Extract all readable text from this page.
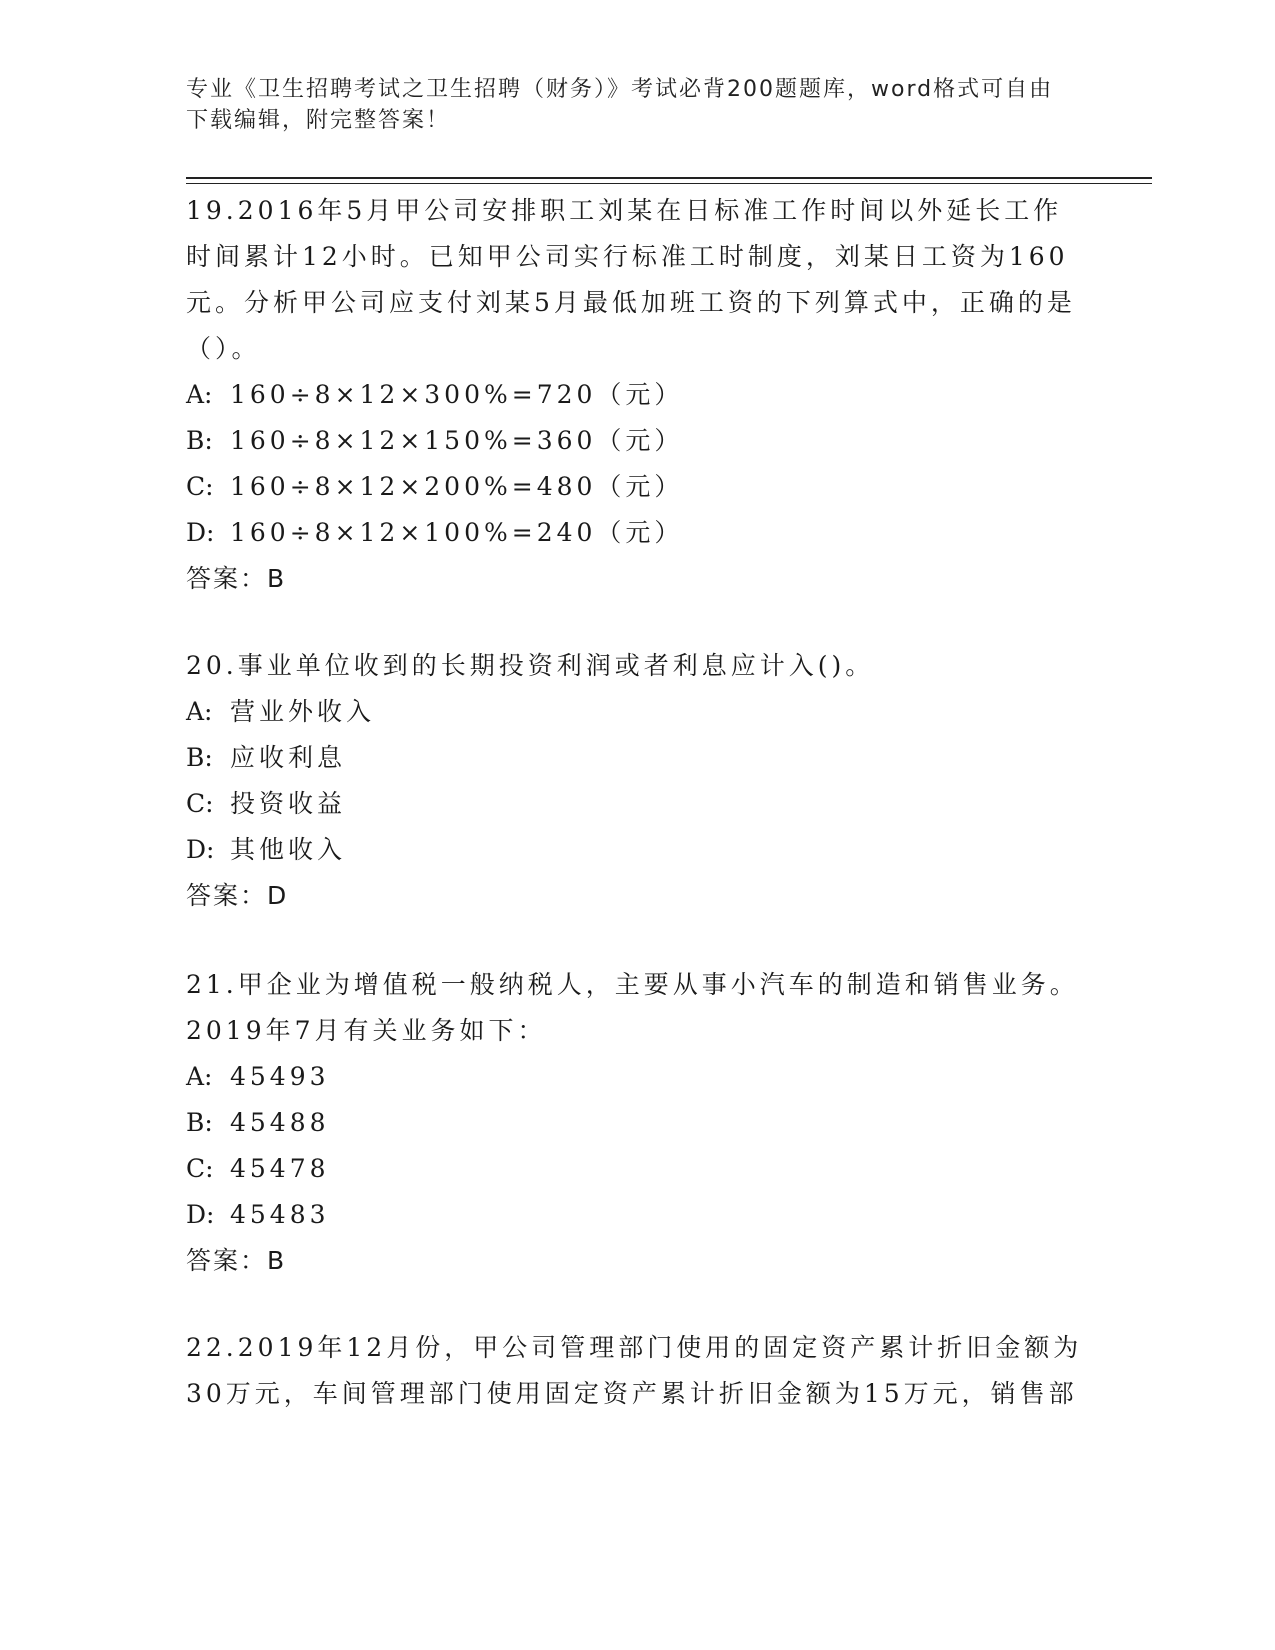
专业《卫生招聘考试之卫生招聘（财务）》考试必背200题题库，word格式可自由下载编辑，附完整答案！
19.2016年5月甲公司安排职工刘某在日标准工作时间以外延长工作时间累计12小时。已知甲公司实行标准工时制度，刘某日工资为160元。分析甲公司应支付刘某5月最低加班工资的下列算式中，正确的是（）。
A: 160÷8×12×300%=720（元）
B: 160÷8×12×150%=360（元）
C: 160÷8×12×200%=480（元）
D: 160÷8×12×100%=240（元）
答案：B
20.事业单位收到的长期投资利润或者利息应计入()。
A: 营业外收入
B: 应收利息
C: 投资收益
D: 其他收入
答案：D
21.甲企业为增值税一般纳税人，主要从事小汽车的制造和销售业务。2019年7月有关业务如下：
A: 45493
B: 45488
C: 45478
D: 45483
答案：B
22.2019年12月份，甲公司管理部门使用的固定资产累计折旧金额为30万元，车间管理部门使用固定资产累计折旧金额为15万元，销售部
